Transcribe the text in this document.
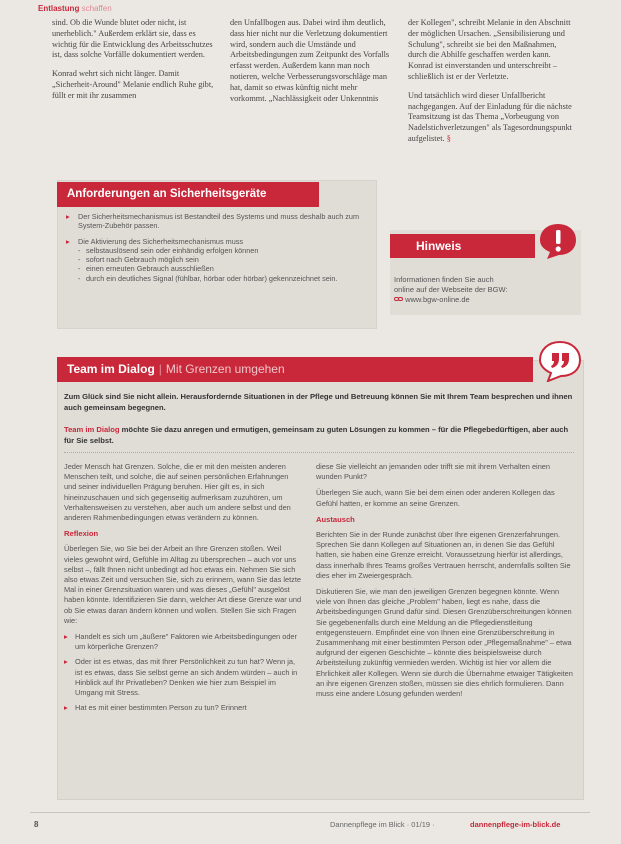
Entlastung schaffen

sind. Ob die Wunde blutet oder nicht, ist unerheblich." Außerdem erklärt sie, dass es wichtig für die Entwicklung des Arbeitsschutzes ist, dass solche Vorfälle dokumentiert werden.

Konrad wehrt sich nicht länger. Damit „Sicherheit-Around" Melanie endlich Ruhe gibt, füllt er mit ihr zusammen

den Unfallbogen aus. Dabei wird ihm deutlich, dass hier nicht nur die Verletzung dokumentiert wird, sondern auch die Umstände und Arbeitsbedingungen zum Zeitpunkt des Vorfalls erfasst werden. Außerdem kann man noch notieren, welche Verbesserungsvorschläge man hat, damit so etwas künftig nicht mehr vorkommt. „Nachlässigkeit oder Unkenntnis

der Kollegen", schreibt Melanie in den Abschnitt der möglichen Ursachen. „Sensibilisierung und Schulung", schreibt sie bei den Maßnahmen, durch die Abhilfe geschaffen werden kann. Konrad ist einverstanden und unterschreibt – schließlich ist er der Verletzte.

Und tatsächlich wird dieser Unfallbericht nachgegangen. Auf der Einladung für die nächste Teamsitzung ist das Thema „Vorbeugung von Nadelstichverletzungen" als Tagesordnungspunkt aufgelistet. §

Anforderungen an Sicherheitsgeräte
▸ Der Sicherheitsmechanismus ist Bestandteil des Systems und muss deshalb auch zum System-Zubehör passen.
▸ Die Aktivierung des Sicherheitsmechanismus muss
- selbstauslösend sein oder einhändig erfolgen können
- sofort nach Gebrauch möglich sein
- einen erneuten Gebrauch ausschließen
- durch ein deutliches Signal (fühlbar, hörbar oder hörbar) gekennzeichnet sein.
Hinweis
Informationen finden Sie auch
online auf der Webseite der BGW:
www.bgw-online.de
Team im Dialog | Mit Grenzen umgehen

Zum Glück sind Sie nicht allein. Herausfordernde Situationen in der Pflege und Betreuung können Sie mit Ihrem Team besprechen und ihnen auch gemeinsam begegnen.

Team im Dialog möchte Sie dazu anregen und ermutigen, gemeinsam zu guten Lösungen zu kommen – für die Pflegebedürftigen, aber auch für Sie selbst.

Jeder Mensch hat Grenzen. Solche, die er mit den meisten anderen Menschen teilt, und solche, die auf seinen persönlichen Erfahrungen und seiner individuellen Prägung beruhen. Hier gilt es, in sich hineinzuschauen und sich gegenseitig aufmerksam zuzuhören, um Verhaltensweisen zu verstehen, aber auch um andere selbst und den anderen Rahmenbedingungen etwas verändern zu können.

Reflexion

Überlegen Sie, wo Sie bei der Arbeit an Ihre Grenzen stoßen. Weil vieles gewohnt wird, Gefühle im Alltag zu übersprechen – auch vor uns selbst –, fällt Ihnen nicht unbedingt ad hoc etwas ein. Nehmen Sie sich also etwas Zeit und versuchen Sie, sich zu erinnern, wann Sie das letzte Mal in einer Grenzsituation waren und was dieses „Gefühl" ausgelöst haben könnte. Identifizieren Sie dann, welcher Art diese Grenze war und ob Sie etwas daran ändern können und wollen. Stellen Sie sich Fragen wie:

▸ Handelt es sich um „äußere" Faktoren wie Arbeitsbedingungen oder um körperliche Grenzen?
▸ Oder ist es etwas, das mit Ihrer Persönlichkeit zu tun hat? Wenn ja, ist es etwas, dass Sie selbst gerne an sich ändern würden – auch in Hinblick auf Ihr Privatleben? Denken wie hier zum Beispiel im Umgang mit Stress.
▸ Hat es mit einer bestimmten Person zu tun? Erinnert

diese Sie vielleicht an jemanden oder trifft sie mit ihrem Verhalten einen wunden Punkt?

Überlegen Sie auch, wann Sie bei dem einen oder anderen Kollegen das Gefühl hatten, er komme an seine Grenzen.

Austausch

Berichten Sie in der Runde zunächst über Ihre eigenen Grenzerfahrungen. Sprechen Sie dann Kollegen auf Situationen an, in denen Sie das Gefühl hatten, sie haben eine Grenze erreicht. Voraussetzung hierfür ist allerdings, dass innerhalb Ihres Teams großes Vertrauen herrscht, andernfalls sollten Sie dies eher im Zweiergespräch.

Diskutieren Sie, wie man den jeweiligen Grenzen begegnen könnte. Wenn viele von Ihnen das gleiche „Problem" haben, liegt es nahe, dass die Arbeitsbedingungen Grund dafür sind. Diesen Grenzüberschreitungen können Sie gegebenenfalls durch eine Meldung an die Pflegedienstleitung entgegensteuern. Empfindet eine von Ihnen eine Grenzüberschreitung in Zusammenhang mit einer bestimmten Person oder „Pflegemaßnahme" – etwa aufgrund der eigenen Geschichte – könnte dies beispielsweise durch Arbeitsteilung zukünftig vermieden werden. Wichtig ist hier vor allem die Ehrlichkeit aller Kollegen. Wenn sie durch die Übernahme etwaiger Tätigkeiten an ihre eigenen Grenzen stoßen, müssen sie dies ehrlich formulieren. Dann muss eine andere Lösung gefunden werden!

8	Dannenpflege im Blick · 01/19 ·	dannenpflege-im-blick.de
